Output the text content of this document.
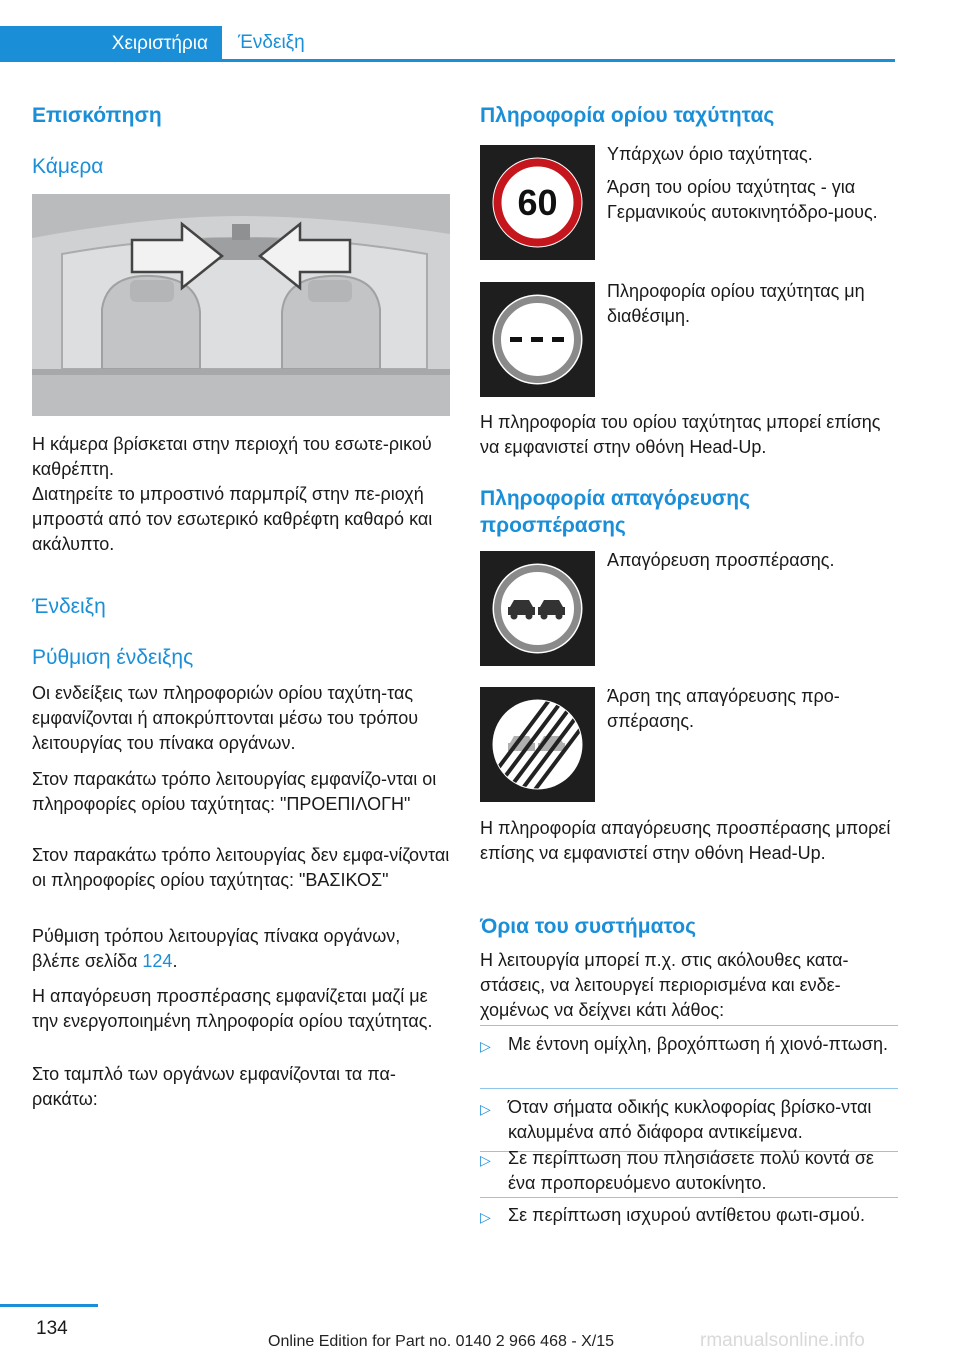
Χειριστήρια	Ένδειξη
Επισκόπηση
Κάμερα

Η κάμερα βρίσκεται στην περιοχή του εσωτε-ρικού καθρέπτη.

Διατηρείτε το μπροστινό παρμπρίζ στην πε-ριοχή μπροστά από τον εσωτερικό καθρέφτη καθαρό και ακάλυπτο.

Ένδειξη
Ρύθμιση ένδειξης

Οι ενδείξεις των πληροφοριών ορίου ταχύτη-τας εμφανίζονται ή αποκρύπτονται μέσω του τρόπου λειτουργίας του πίνακα οργάνων.

Στον παρακάτω τρόπο λειτουργίας εμφανίζο-νται οι πληροφορίες ορίου ταχύτητας: "ΠΡΟΕΠΙΛΟΓΗ"

Στον παρακάτω τρόπο λειτουργίας δεν εμφα-νίζονται οι πληροφορίες ορίου ταχύτητας: "ΒΑΣΙΚΟΣ"

Ρύθμιση τρόπου λειτουργίας πίνακα οργάνων, βλέπε σελίδα 124.

Η απαγόρευση προσπέρασης εμφανίζεται μαζί με την ενεργοποιημένη πληροφορία ορίου ταχύτητας.

Στο ταμπλό των οργάνων εμφανίζονται τα πα-ρακάτω:

Πληροφορία ορίου ταχύτητας
60
Υπάρχων όριο ταχύτητας.
Άρση του ορίου ταχύτητας - για Γερμανικούς αυτοκινητόδρο-μους.
Πληροφορία ορίου ταχύτητας μη διαθέσιμη.

Η πληροφορία του ορίου ταχύτητας μπορεί επίσης να εμφανιστεί στην οθόνη Head-Up.

Πληροφορία απαγόρευσης προσπέρασης
Απαγόρευση προσπέρασης.
Άρση της απαγόρευσης προ-σπέρασης.

Η πληροφορία απαγόρευσης προσπέρασης μπορεί επίσης να εμφανιστεί στην οθόνη Head-Up.

Όρια του συστήματος

Η λειτουργία μπορεί π.χ. στις ακόλουθες κατα-στάσεις, να λειτουργεί περιορισμένα και ενδε-χομένως να δείχνει κάτι λάθος:

▷ Με έντονη ομίχλη, βροχόπτωση ή χιονό-πτωση.
▷ Όταν σήματα οδικής κυκλοφορίας βρίσκο-νται καλυμμένα από διάφορα αντικείμενα.
▷ Σε περίπτωση που πλησιάσετε πολύ κοντά σε ένα προπορευόμενο αυτοκίνητο.
▷ Σε περίπτωση ισχυρού αντίθετου φωτι-σμού.
134
rmanualsonline.info
Online Edition for Part no. 0140 2 966 468 - X/15
